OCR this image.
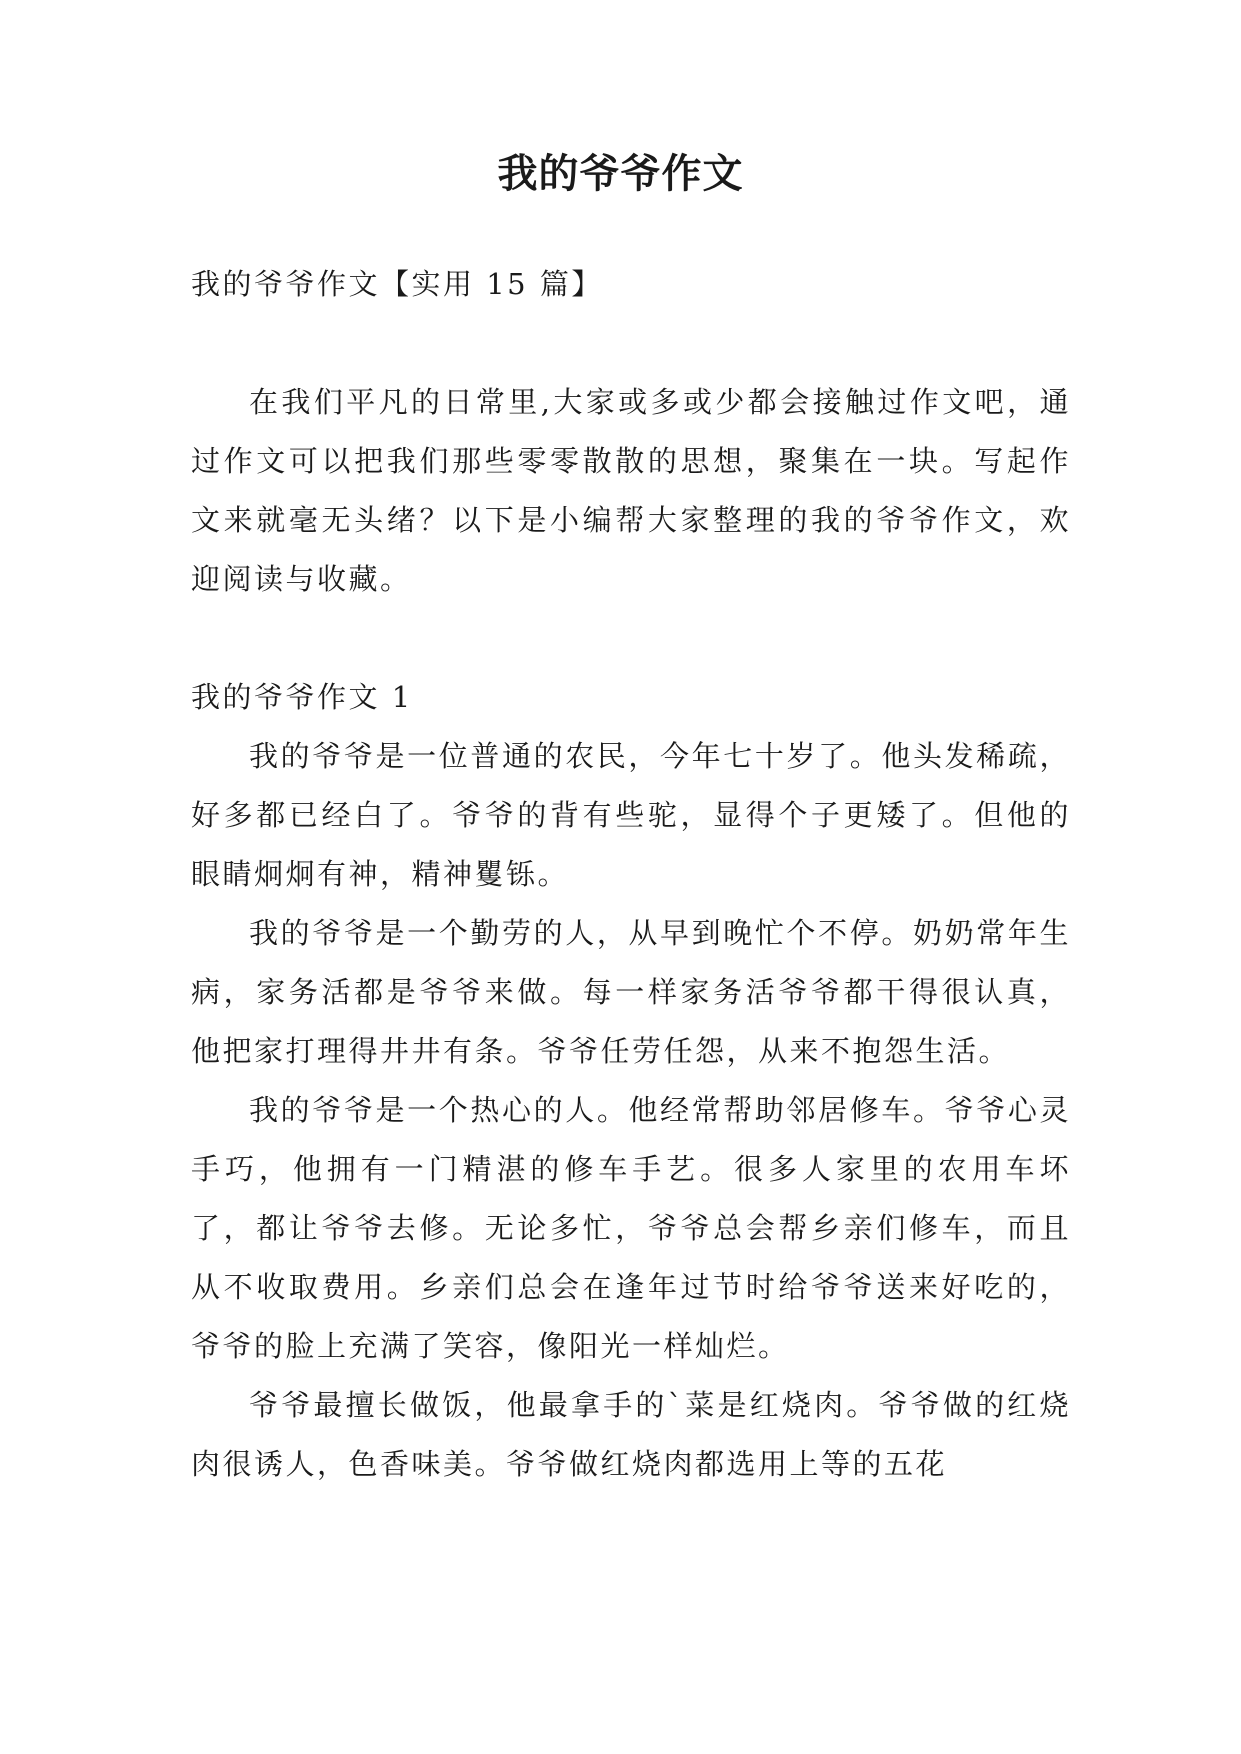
我的爷爷作文

我的爷爷作文【实用 15 篇】

在我们平凡的日常里,大家或多或少都会接触过作文吧，通过作文可以把我们那些零零散散的思想，聚集在一块。写起作文来就毫无头绪？以下是小编帮大家整理的我的爷爷作文，欢迎阅读与收藏。

我的爷爷作文 1

我的爷爷是一位普通的农民，今年七十岁了。他头发稀疏，好多都已经白了。爷爷的背有些驼，显得个子更矮了。但他的眼睛炯炯有神，精神矍铄。

我的爷爷是一个勤劳的人，从早到晚忙个不停。奶奶常年生病，家务活都是爷爷来做。每一样家务活爷爷都干得很认真，他把家打理得井井有条。爷爷任劳任怨，从来不抱怨生活。

我的爷爷是一个热心的人。他经常帮助邻居修车。爷爷心灵手巧，他拥有一门精湛的修车手艺。很多人家里的农用车坏了，都让爷爷去修。无论多忙，爷爷总会帮乡亲们修车，而且从不收取费用。乡亲们总会在逢年过节时给爷爷送来好吃的，爷爷的脸上充满了笑容，像阳光一样灿烂。

爷爷最擅长做饭，他最拿手的`菜是红烧肉。爷爷做的红烧肉很诱人，色香味美。爷爷做红烧肉都选用上等的五花
